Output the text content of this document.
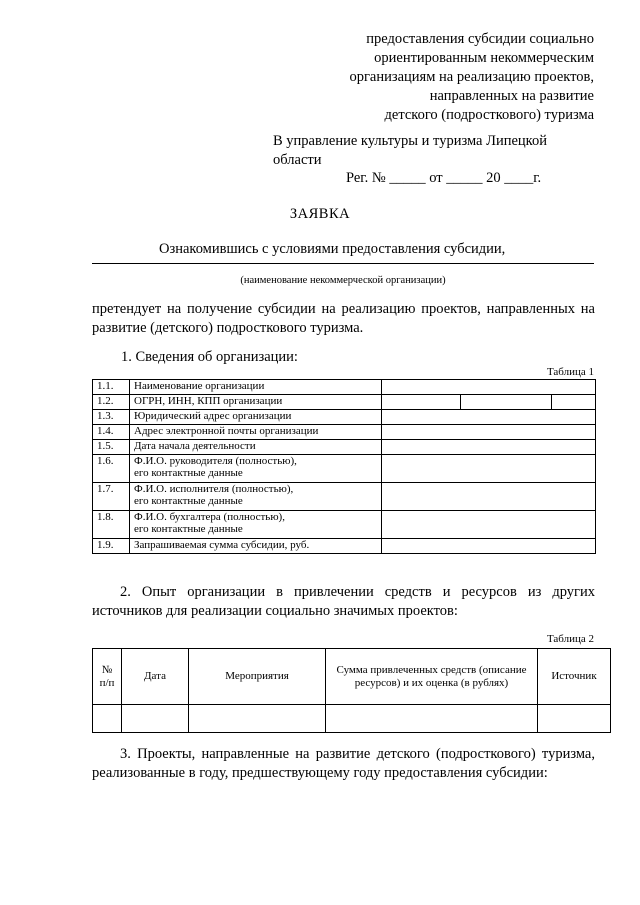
предоставления субсидии социально
ориентированным некоммерческим
организациям на реализацию проектов,
направленных на развитие
детского (подросткового) туризма
В управление культуры и туризма Липецкой области
Рег. № _____ от _____ 20 ____г.
ЗАЯВКА
Ознакомившись с условиями предоставления субсидии,
(наименование некоммерческой организации)
претендует на получение субсидии на реализацию проектов, направленных на развитие (детского) подросткового туризма.
1. Сведения об организации:
Таблица 1
1.1.	Наименование организации			
1.2.	ОГРН, ИНН, КПП организации			
1.3.	Юридический адрес организации			
1.4.	Адрес электронной почты организации			
1.5.	Дата начала деятельности			
1.6.	Ф.И.О. руководителя (полностью),
его контактные данные			

1.7.	Ф.И.О. исполнителя (полностью),
его контактные данные			

1.8.	Ф.И.О. бухгалтера (полностью),
его контактные данные			

1.9.	Запрашиваемая сумма субсидии, руб.			
2. Опыт организации в привлечении средств и ресурсов из других источников для реализации социально значимых проектов:
Таблица 2
№ п/п	Дата	Мероприятия	Сумма привлеченных средств (описание ресурсов) и их оценка (в рублях)	Источник

3. Проекты, направленные на развитие детского (подросткового) туризма, реализованные в году, предшествующему году предоставления субсидии:
